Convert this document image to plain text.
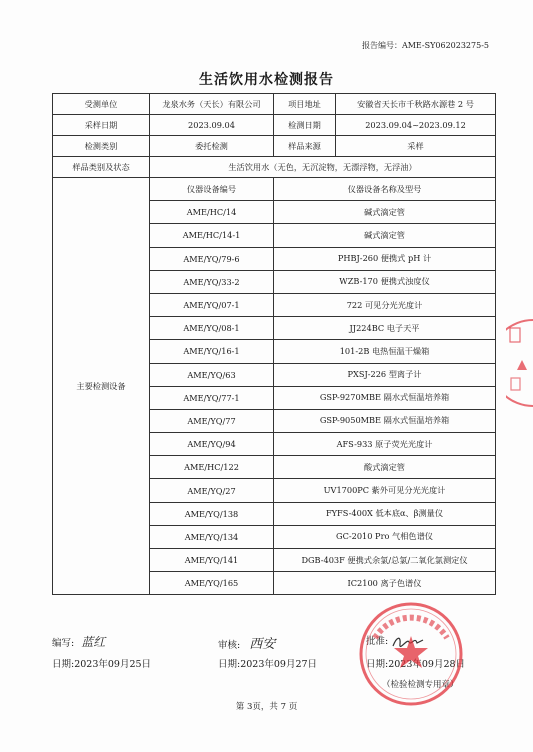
报告编号：AME-SY062023275-5
生活饮用水检测报告
受测单位	龙泉水务（天长）有限公司	项目地址	安徽省天长市千秋路水源巷 2 号
采样日期	2023.09.04	检测日期	2023.09.04~2023.09.12
检测类别	委托检测	样品来源	采样
样品类别及状态	生活饮用水（无色，无沉淀物，无漂浮物，无浮油）		
主要检测设备	仪器设备编号	仪器设备名称及型号	
	AME/HC/14	碱式滴定管	
	AME/HC/14-1	碱式滴定管	
	AME/YQ/79-6	PHBJ-260 便携式 pH 计	
	AME/YQ/33-2	WZB-170 便携式浊度仪	
	AME/YQ/07-1	722 可见分光光度计	
	AME/YQ/08-1	JJ224BC 电子天平	
	AME/YQ/16-1	101-2B 电热恒温干燥箱	
	AME/YQ/63	PXSJ-226 型离子计	
	AME/YQ/77-1	GSP-9270MBE 隔水式恒温培养箱	
	AME/YQ/77	GSP-9050MBE 隔水式恒温培养箱	
	AME/YQ/94	AFS-933 原子荧光光度计	
	AME/HC/122	酸式滴定管	
	AME/YQ/27	UV1700PC 紫外可见分光光度计	
	AME/YQ/138	FYFS-400X 低本底α、β测量仪	
	AME/YQ/134	GC-2010 Pro 气相色谱仪	
	AME/YQ/141	DGB-403F 便携式余氯/总氯/二氧化氯测定仪	
	AME/YQ/165	IC2100 离子色谱仪	
编写: 蓝红
日期:2023年09月25日
审核: 西安
日期:2023年09月27日
批准:
日期:2023年09月28日
（检验检测专用章）
第 3页，共 7 页
